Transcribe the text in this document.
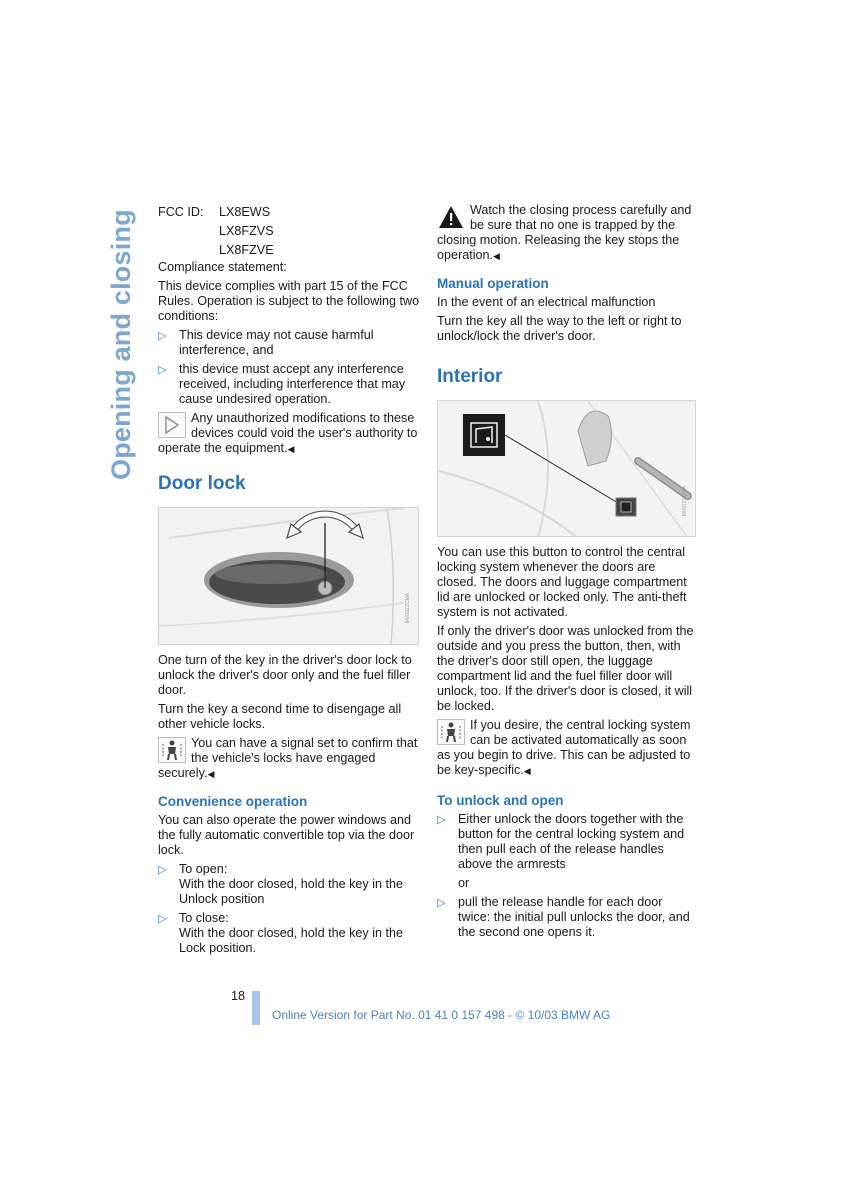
Opening and closing FCC ID:	LX8EWS
LX8FZVS
LX8FZVE

Compliance statement:

This device complies with part 15 of the FCC Rules. Operation is subject to the following two conditions:

▷ This device may not cause harmful interference, and
▷ this device must accept any interference received, including interference that may cause undesired operation.
Any unauthorized modifications to these devices could void the user's authority to operate the equipment.◀
Door lock
MV03ZZCMA

One turn of the key in the driver's door lock to unlock the driver's door only and the fuel filler door.

Turn the key a second time to disengage all other vehicle locks.

You can have a signal set to confirm that the vehicle's locks have engaged securely.◀
Convenience operation

You can also operate the power windows and the fully automatic convertible top via the door lock.

▷ To open:
With the door closed, hold the key in the Unlock position
▷ To close:
With the door closed, hold the key in the Lock position.
Watch the closing process carefully and be sure that no one is trapped by the closing motion. Releasing the key stops the operation.◀
Manual operation

In the event of an electrical malfunction

Turn the key all the way to the left or right to unlock/lock the driver's door.

Interior
MV07ZZCMA

You can use this button to control the central locking system whenever the doors are closed. The doors and luggage compartment lid are unlocked or locked only. The anti-theft system is not activated.

If only the driver's door was unlocked from the outside and you press the button, then, with the driver's door still open, the luggage compartment lid and the fuel filler door will unlock, too. If the driver's door is closed, it will be locked.

If you desire, the central locking system can be activated automatically as soon as you begin to drive. This can be adjusted to be key-specific.◀
To unlock and open
▷ Either unlock the doors together with the button for the central locking system and then pull each of the release handles above the armrests

or

▷ pull the release handle for each door twice: the initial pull unlocks the door, and the second one opens it.
18
Online Version for Part No. 01 41 0 157 498 - © 10/03 BMW AG
